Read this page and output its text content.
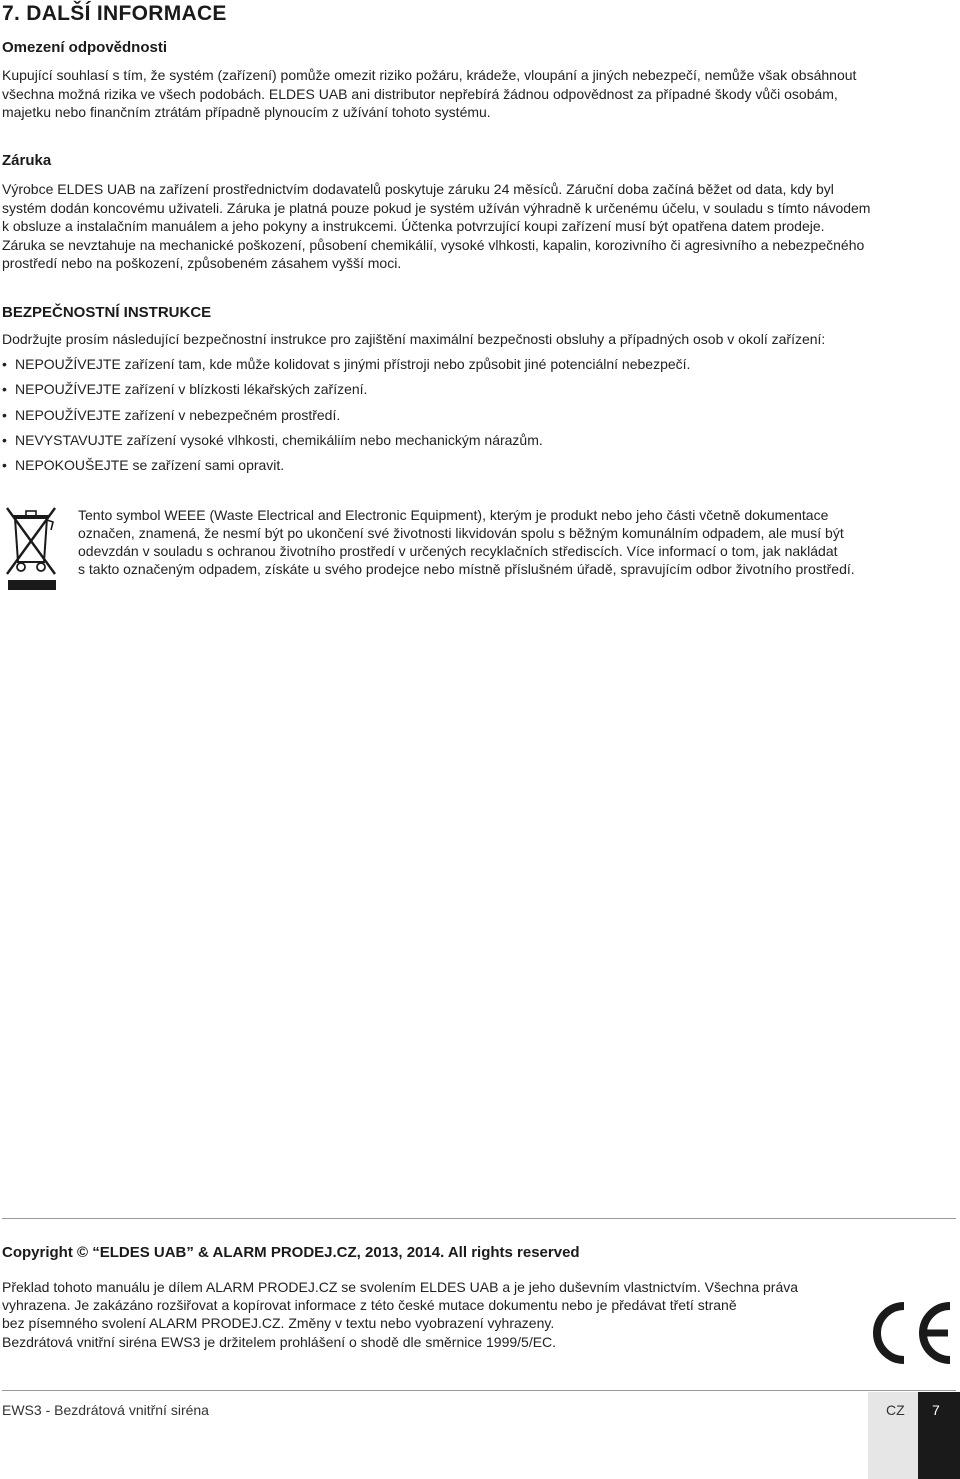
7. DALŠÍ INFORMACE
Omezení odpovědnosti
Kupující souhlasí s tím, že systém (zařízení) pomůže omezit riziko požáru, krádeže, vloupání a jiných nebezpečí, nemůže však obsáhnout
všechna možná rizika ve všech podobách. ELDES UAB ani distributor nepřebírá žádnou odpovědnost za případné škody vůči osobám,
majetku nebo finančním ztrátám případně plynoucím z užívání tohoto systému.
Záruka
Výrobce ELDES UAB na zařízení prostřednictvím dodavatelů poskytuje záruku 24 měsíců. Záruční doba začíná běžet od data, kdy byl
systém dodán koncovému uživateli. Záruka je platná pouze pokud je systém užíván výhradně k určenému účelu, v souladu s tímto návodem
k obsluze a instalačním manuálem a jeho pokyny a instrukcemi. Účtenka potvrzující koupi zařízení musí být opatřena datem prodeje.
Záruka se nevztahuje na mechanické poškození, působení chemikálií, vysoké vlhkosti, kapalin, korozivního či agresivního a nebezpečného
prostředí nebo na poškození, způsobeném zásahem vyšší moci.
BEZPEČNOSTNÍ INSTRUKCE
Dodržujte prosím následující bezpečnostní instrukce pro zajištění maximální bezpečnosti obsluhy a případných osob v okolí zařízení:
• NEPOUŽÍVEJTE zařízení tam, kde může kolidovat s jinými přístroji nebo způsobit jiné potenciální nebezpečí.
• NEPOUŽÍVEJTE zařízení v blízkosti lékařských zařízení.
• NEPOUŽÍVEJTE zařízení v nebezpečném prostředí.
• NEVYSTAVUJTE zařízení vysoké vlhkosti, chemikáliím nebo mechanickým nárazům.
• NEPOKOUŠEJTE se zařízení sami opravit.
Tento symbol WEEE (Waste Electrical and Electronic Equipment), kterým je produkt nebo jeho části včetně dokumentace
označen, znamená, že nesmí být po ukončení své životnosti likvidován spolu s běžným komunálním odpadem, ale musí být
odevzdán v souladu s ochranou životního prostředí v určených recyklačních střediscích. Více informací o tom, jak nakládat
s takto označeným odpadem, získáte u svého prodejce nebo místně příslušném úřadě, spravujícím odbor životního prostředí.
Copyright © “ELDES UAB” & ALARM PRODEJ.CZ, 2013, 2014. All rights reserved
Překlad tohoto manuálu je dílem ALARM PRODEJ.CZ se svolením ELDES UAB a je jeho duševním vlastnictvím. Všechna práva
vyhrazena. Je zakázáno rozšiřovat a kopírovat informace z této české mutace dokumentu nebo je předávat třetí straně
bez písemného svolení ALARM PRODEJ.CZ. Změny v textu nebo vyobrazení vyhrazeny.
Bezdrátová vnitřní siréna EWS3 je držitelem prohlášení o shodě dle směrnice 1999/5/EC.
EWS3 - Bezdrátová vnitřní siréna	CZ 7
